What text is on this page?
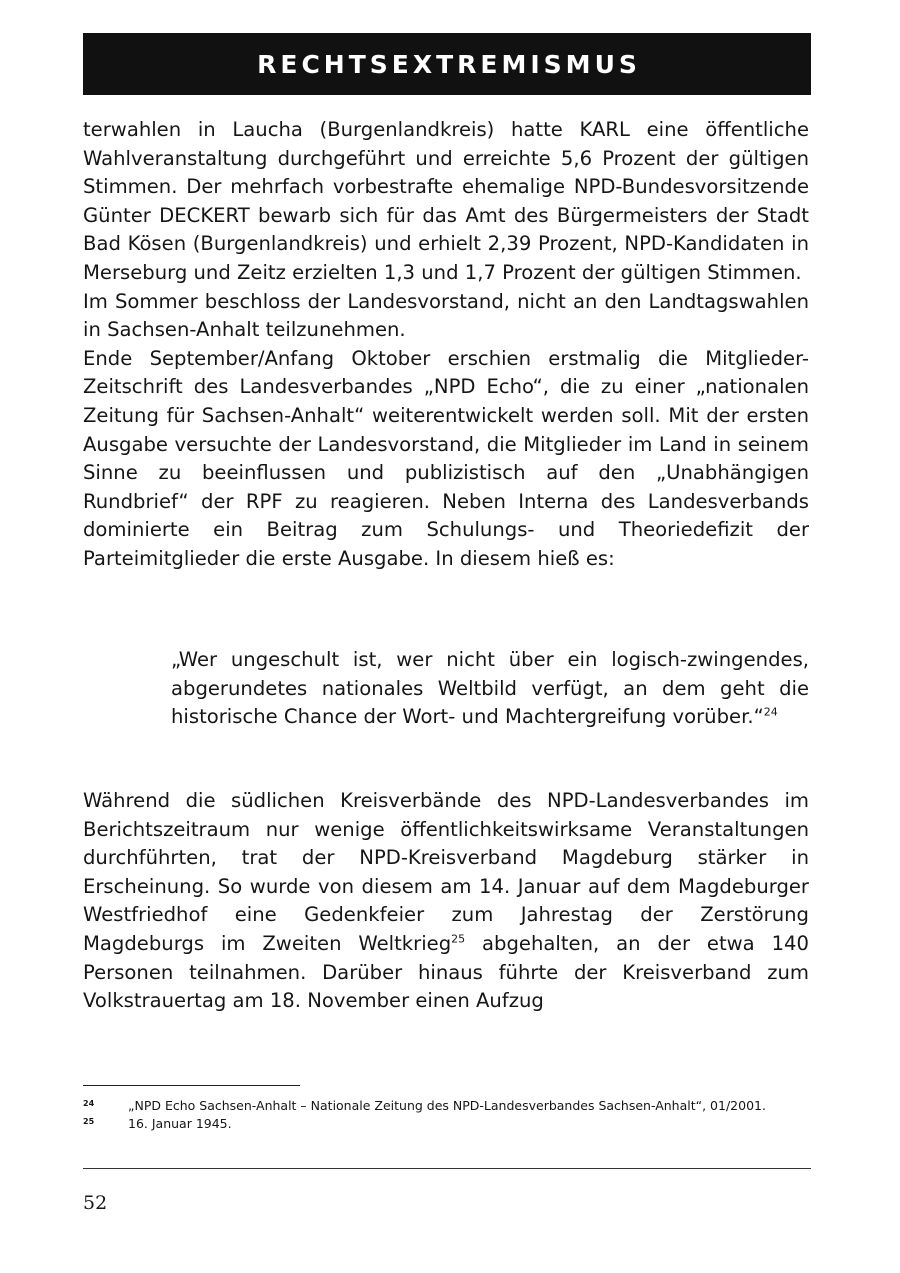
RECHTSEXTREMISMUS

terwahlen in Laucha (Burgenlandkreis) hatte KARL eine öffentliche Wahlveranstaltung durchgeführt und erreichte 5,6 Prozent der gültigen Stimmen. Der mehrfach vorbestrafte ehemalige NPD-Bundesvorsitzende Günter DECKERT bewarb sich für das Amt des Bürgermeisters der Stadt Bad Kösen (Burgenlandkreis) und erhielt 2,39 Prozent, NPD-Kandidaten in Merseburg und Zeitz erzielten 1,3 und 1,7 Prozent der gültigen Stimmen.

Im Sommer beschloss der Landesvorstand, nicht an den Landtagswahlen in Sachsen-Anhalt teilzunehmen.

Ende September/Anfang Oktober erschien erstmalig die Mitglieder-Zeitschrift des Landesverbandes „NPD Echo“, die zu einer „nationalen Zeitung für Sachsen-Anhalt“ weiterentwickelt werden soll. Mit der ersten Ausgabe versuchte der Landesvorstand, die Mitglieder im Land in seinem Sinne zu beeinflussen und publizistisch auf den „Unabhängigen Rundbrief“ der RPF zu reagieren. Neben Interna des Landesverbands dominierte ein Beitrag zum Schulungs- und Theoriedefizit der Parteimitglieder die erste Ausgabe. In diesem hieß es:

„Wer ungeschult ist, wer nicht über ein logisch-zwingendes, abgerundetes nationales Weltbild verfügt, an dem geht die historische Chance der Wort- und Machtergreifung vorüber.“$^{24}$

Während die südlichen Kreisverbände des NPD-Landesverbandes im Berichtszeitraum nur wenige öffentlichkeitswirksame Veranstaltungen durchführten, trat der NPD-Kreisverband Magdeburg stärker in Erscheinung. So wurde von diesem am 14. Januar auf dem Magdeburger Westfriedhof eine Gedenkfeier zum Jahrestag der Zerstörung Magdeburgs im Zweiten Weltkrieg$^{25}$ abgehalten, an der etwa 140 Personen teilnahmen. Darüber hinaus führte der Kreisverband zum Volkstrauertag am 18. November einen Aufzug

24	„NPD Echo Sachsen-Anhalt – Nationale Zeitung des NPD-Landesverbandes Sachsen-Anhalt“, 01/2001.
25	16. Januar 1945.
52
